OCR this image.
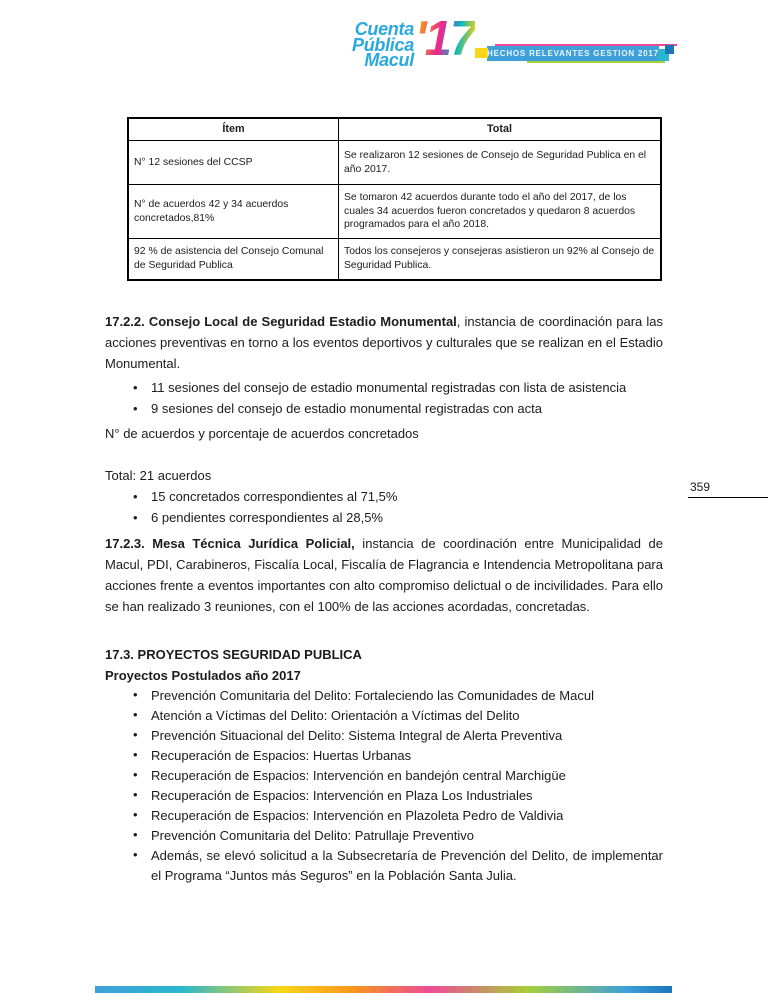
Cuenta
Pública
Macul '17 HECHOS RELEVANTES GESTION 2017
Ítem	Total
N° 12 sesiones del CCSP	Se realizaron 12 sesiones de Consejo de Seguridad Publica en el año 2017.
N° de acuerdos 42 y 34 acuerdos concretados,81%	Se tomaron 42 acuerdos durante todo el año del 2017, de los cuales 34 acuerdos fueron concretados y quedaron 8 acuerdos programados para el año 2018.
92 % de asistencia del Consejo Comunal de Seguridad Publica	Todos los consejeros y consejeras asistieron un 92% al Consejo de Seguridad Publica.
17.2.2. Consejo Local de Seguridad Estadio Monumental, instancia de coordinación para las acciones preventivas en torno a los eventos deportivos y culturales que se realizan en el Estadio Monumental.
• 11 sesiones del consejo de estadio monumental registradas con lista de asistencia
• 9 sesiones del consejo de estadio monumental registradas con acta
N° de acuerdos y porcentaje de acuerdos concretados
Total: 21 acuerdos
• 15 concretados correspondientes al 71,5%
• 6 pendientes correspondientes al 28,5%
17.2.3. Mesa Técnica Jurídica Policial, instancia de coordinación entre Municipalidad de Macul, PDI, Carabineros, Fiscalía Local, Fiscalía de Flagrancia e Intendencia Metropolitana para acciones frente a eventos importantes con alto compromiso delictual o de incivilidades. Para ello se han realizado 3 reuniones, con el 100% de las acciones acordadas, concretadas.
17.3. PROYECTOS SEGURIDAD PUBLICA
Proyectos Postulados año 2017
• Prevención Comunitaria del Delito: Fortaleciendo las Comunidades de Macul
• Atención a Víctimas del Delito: Orientación a Víctimas del Delito
• Prevención Situacional del Delito: Sistema Integral de Alerta Preventiva
• Recuperación de Espacios: Huertas Urbanas
• Recuperación de Espacios: Intervención en bandejón central Marchigüe
• Recuperación de Espacios: Intervención en Plaza Los Industriales
• Recuperación de Espacios: Intervención en Plazoleta Pedro de Valdivia
• Prevención Comunitaria del Delito: Patrullaje Preventivo
• Además, se elevó solicitud a la Subsecretaría de Prevención del Delito, de implementar el Programa “Juntos más Seguros” en la Población Santa Julia.
359
